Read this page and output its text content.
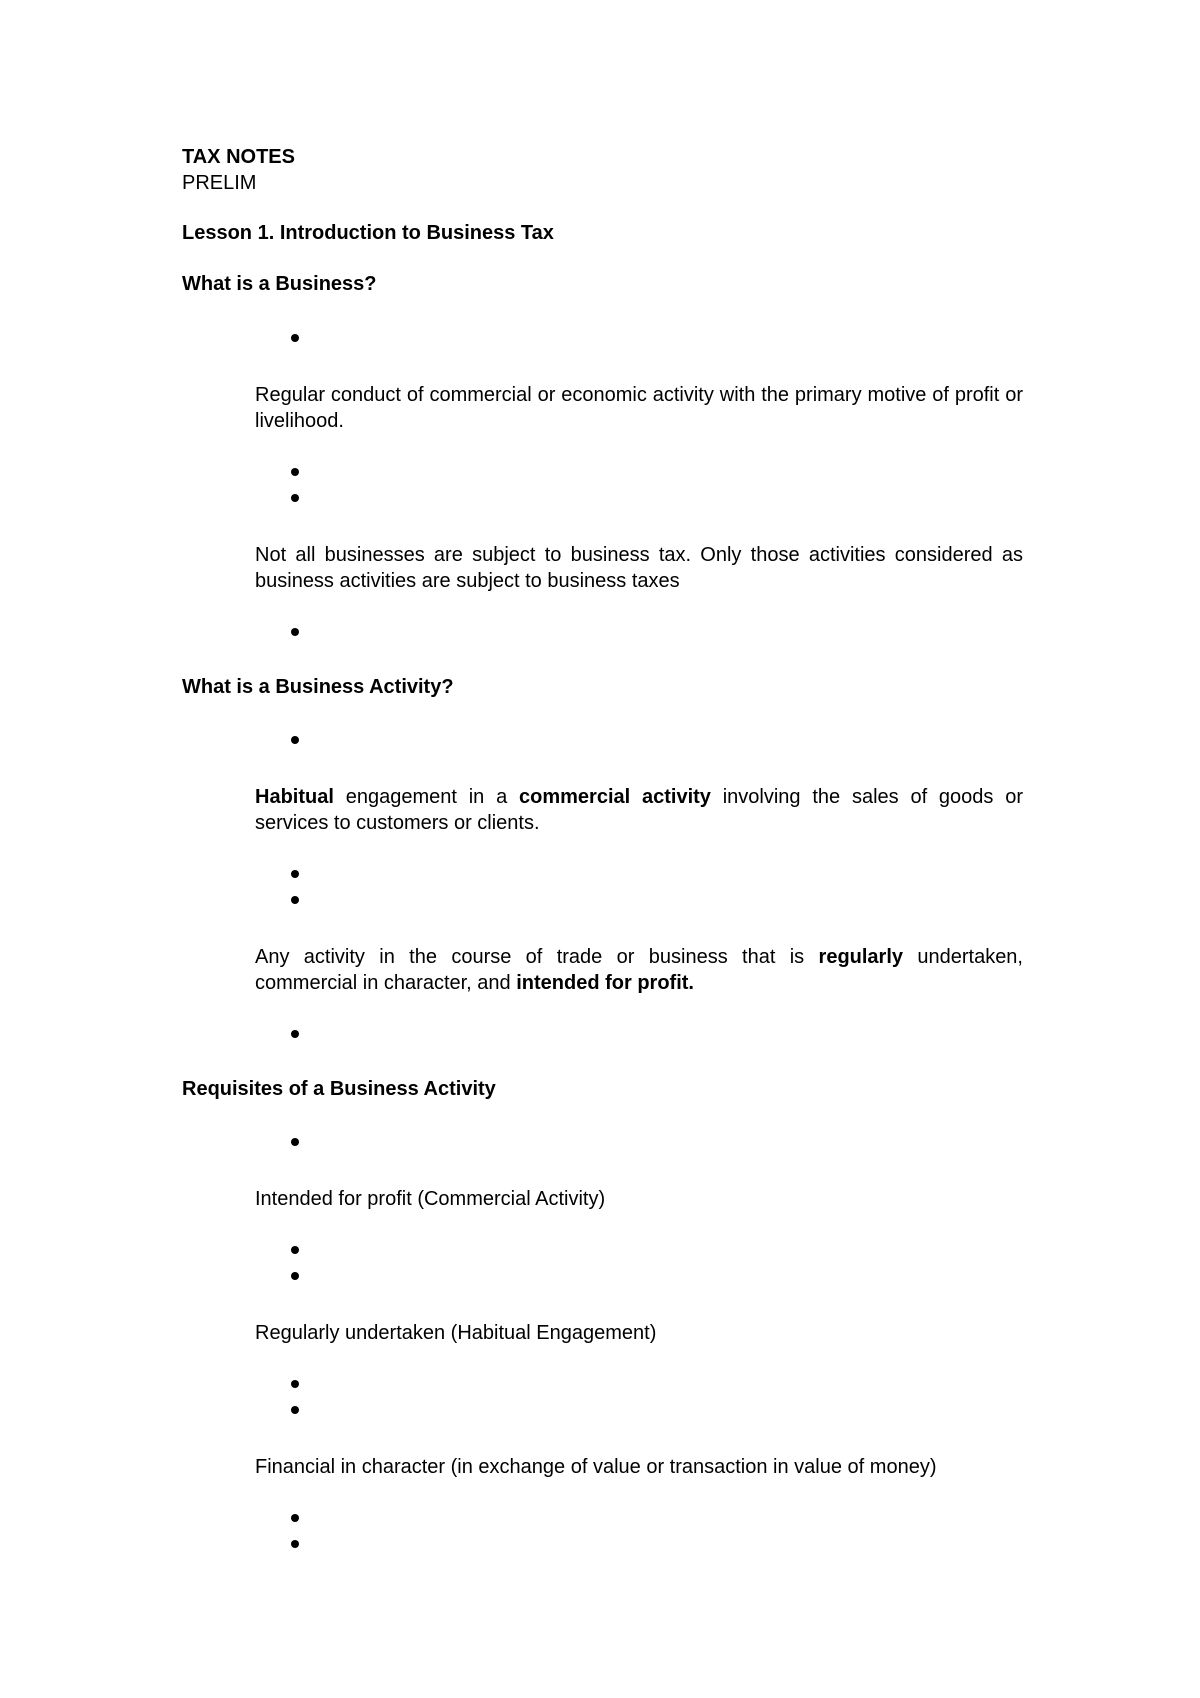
TAX NOTES
PRELIM
Lesson 1. Introduction to Business Tax
What is a Business?
Regular conduct of commercial or economic activity with the primary motive of profit or livelihood.
Not all businesses are subject to business tax. Only those activities considered as business activities are subject to business taxes
What is a Business Activity?
Habitual engagement in a commercial activity involving the sales of goods or services to customers or clients.
Any activity in the course of trade or business that is regularly undertaken, commercial in character, and intended for profit.
Requisites of a Business Activity
Intended for profit (Commercial Activity)
Regularly undertaken (Habitual Engagement)
Financial in character (in exchange of value or transaction in value of money)
